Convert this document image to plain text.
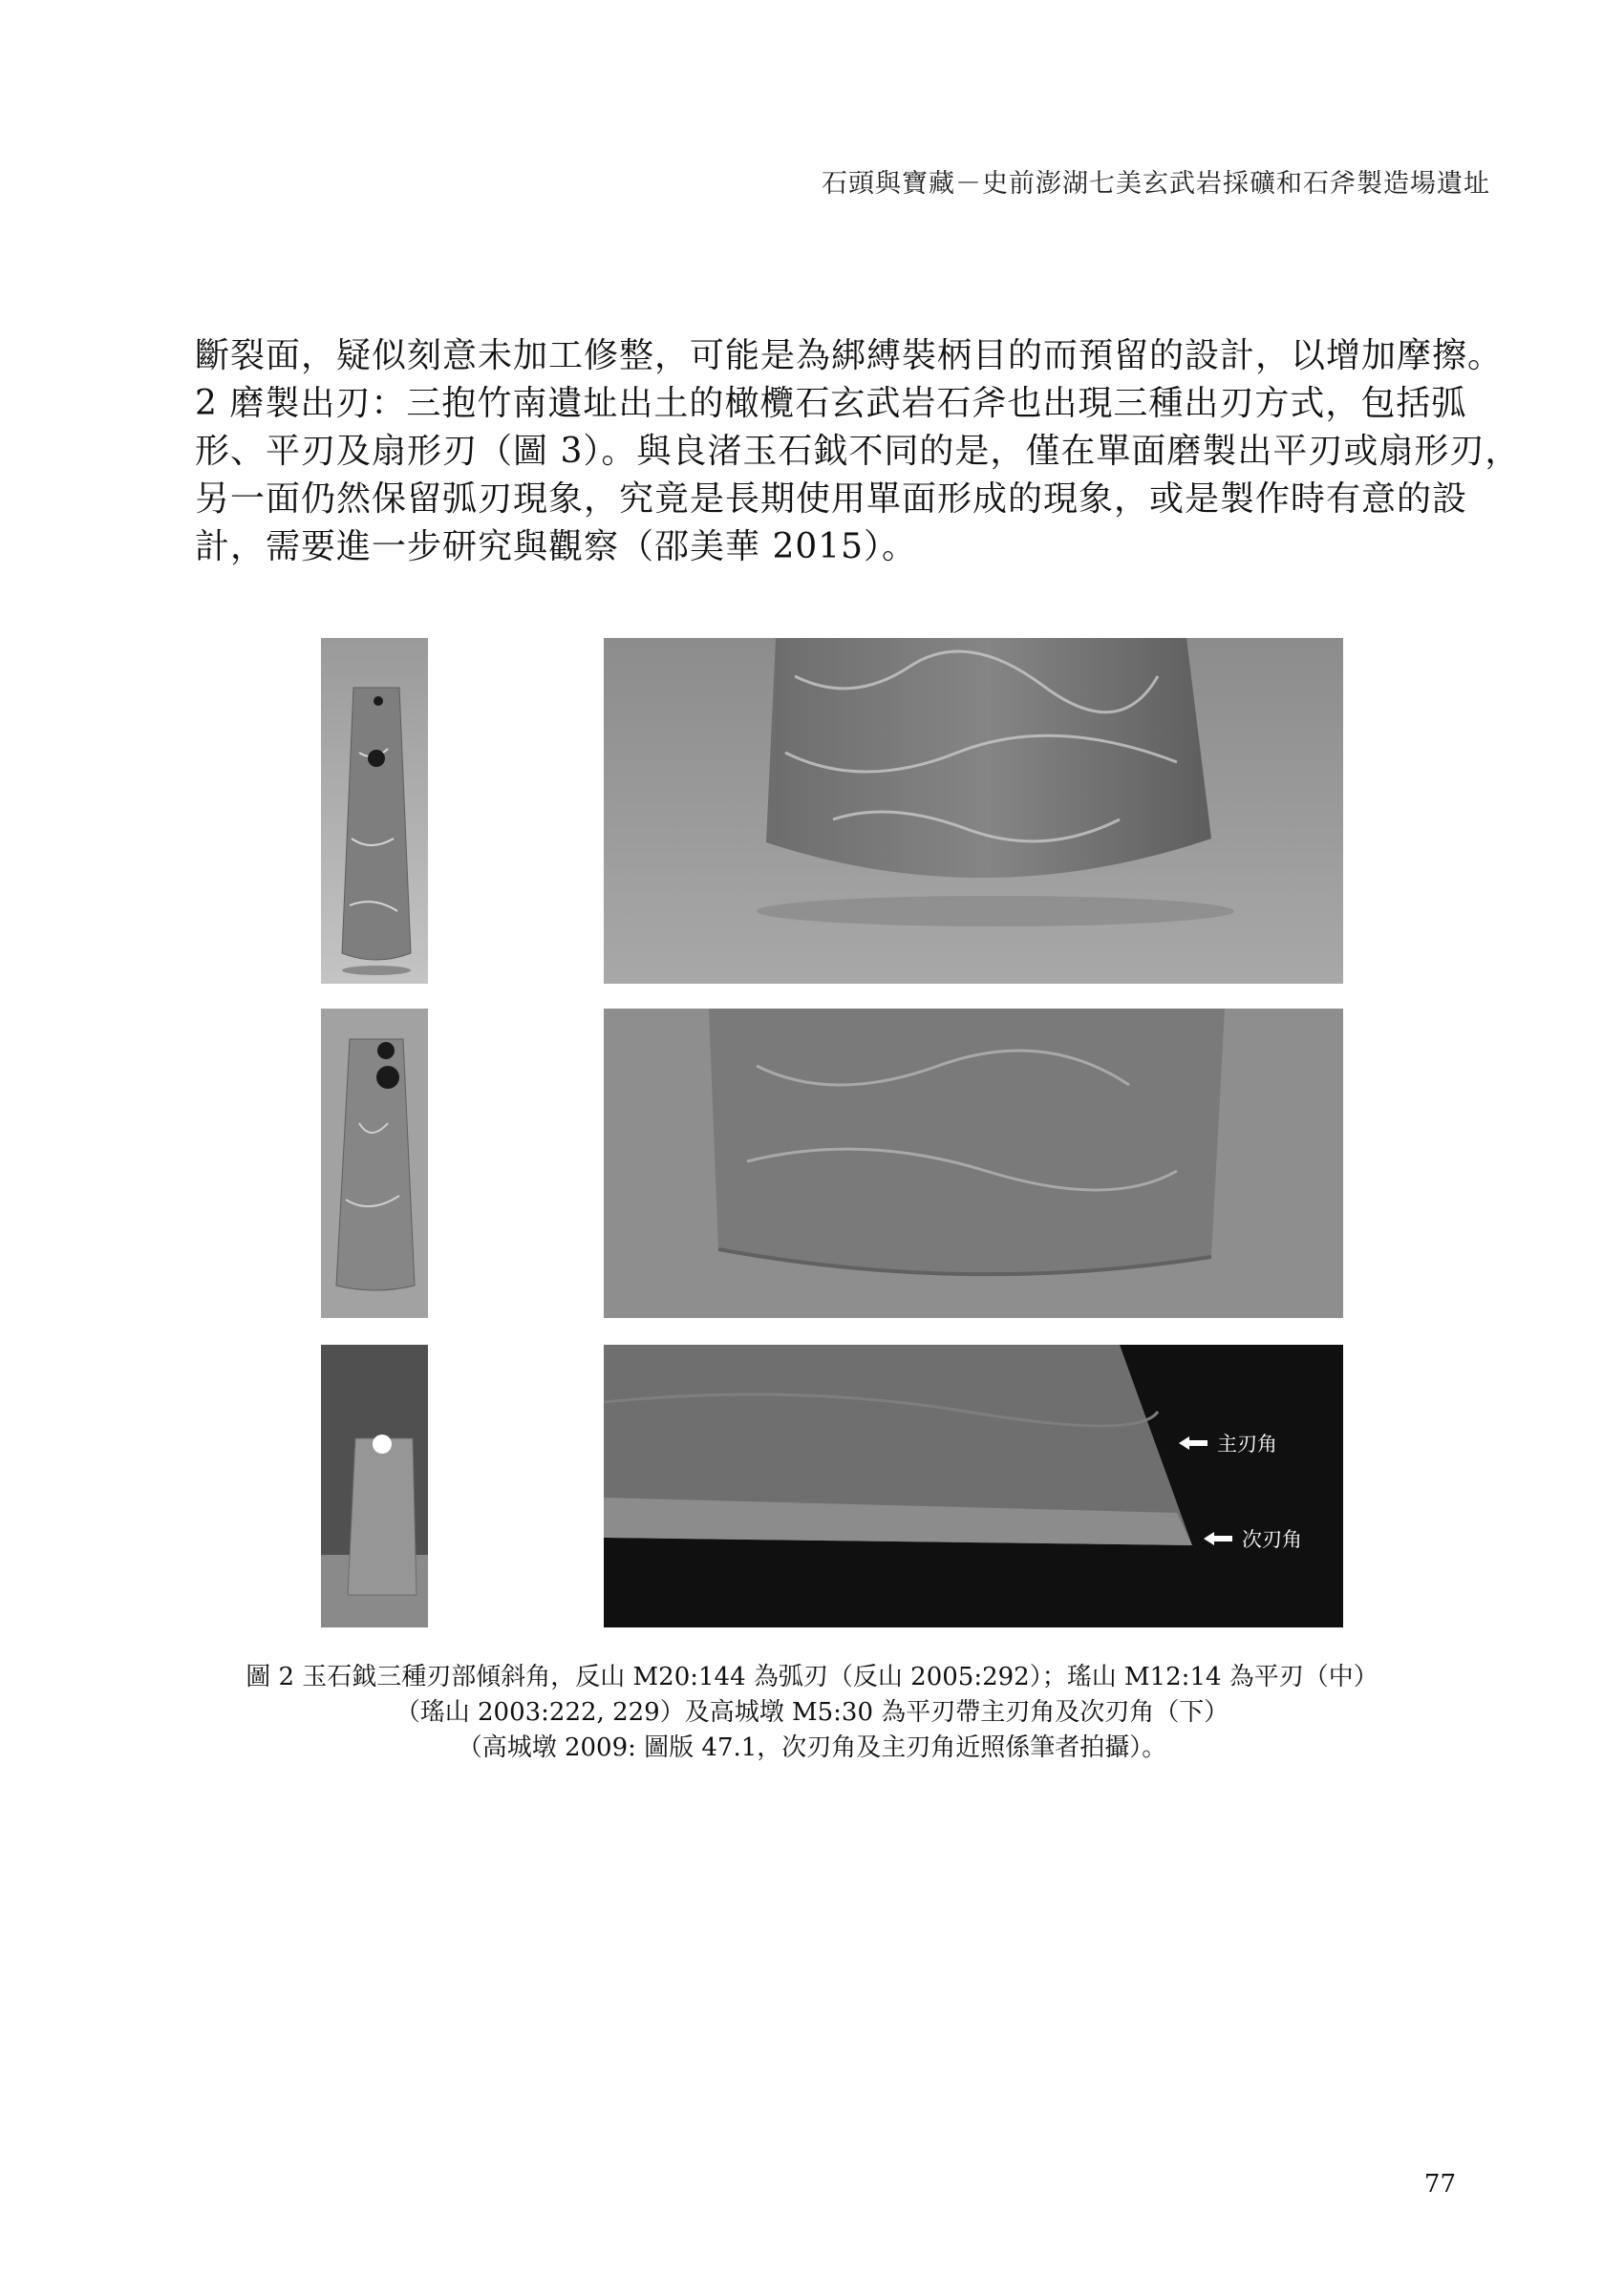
石頭與寶藏－史前澎湖七美玄武岩採礦和石斧製造場遺址

斷裂面，疑似刻意未加工修整，可能是為綁縛裝柄目的而預留的設計，以增加摩擦。

2 磨製出刃：三抱竹南遺址出土的橄欖石玄武岩石斧也出現三種出刃方式，包括弧

形、平刃及扇形刃（圖 3）。與良渚玉石鉞不同的是，僅在單面磨製出平刃或扇形刃，

另一面仍然保留弧刃現象，究竟是長期使用單面形成的現象，或是製作時有意的設

計，需要進一步研究與觀察（邵美華 2015）。

主刃角
次刃角

圖 2 玉石鉞三種刃部傾斜角，反山 M20:144 為弧刃（反山 2005:292）；瑤山 M12:14 為平刃（中）

（瑤山 2003:222, 229）及高城墩 M5:30 為平刃帶主刃角及次刃角（下）

（高城墩 2009: 圖版 47.1，次刃角及主刃角近照係筆者拍攝）。

77
